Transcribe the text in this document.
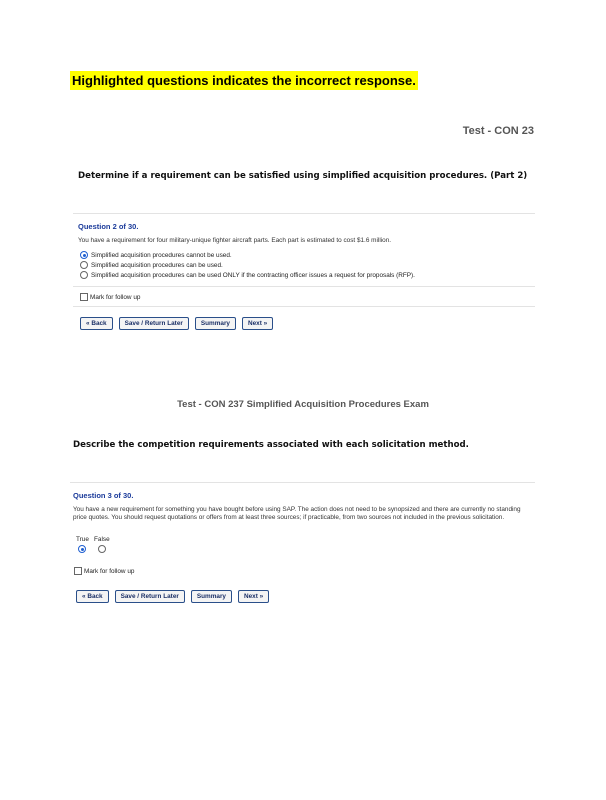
Highlighted questions indicates the incorrect response.
Test - CON 23
Determine if a requirement can be satisfied using simplified acquisition procedures. (Part 2)
Question 2 of 30.
You have a requirement for four military-unique fighter aircraft parts. Each part is estimated to cost $1.6 million.
Simplified acquisition procedures cannot be used.
Simplified acquisition procedures can be used.
Simplified acquisition procedures can be used ONLY if the contracting officer issues a request for proposals (RFP).
Mark for follow up
« Back	Save / Return Later	Summary	Next »
Test - CON 237 Simplified Acquisition Procedures Exam
Describe the competition requirements associated with each solicitation method.
Question 3 of 30.
You have a new requirement for something you have bought before using SAP. The action does not need to be synopsized and there are currently no standing price quotes. You should request quotations or offers from at least three sources; if practicable, from two sources not included in the previous solicitation.
True False
Mark for follow up
« Back	Save / Return Later	Summary	Next »
